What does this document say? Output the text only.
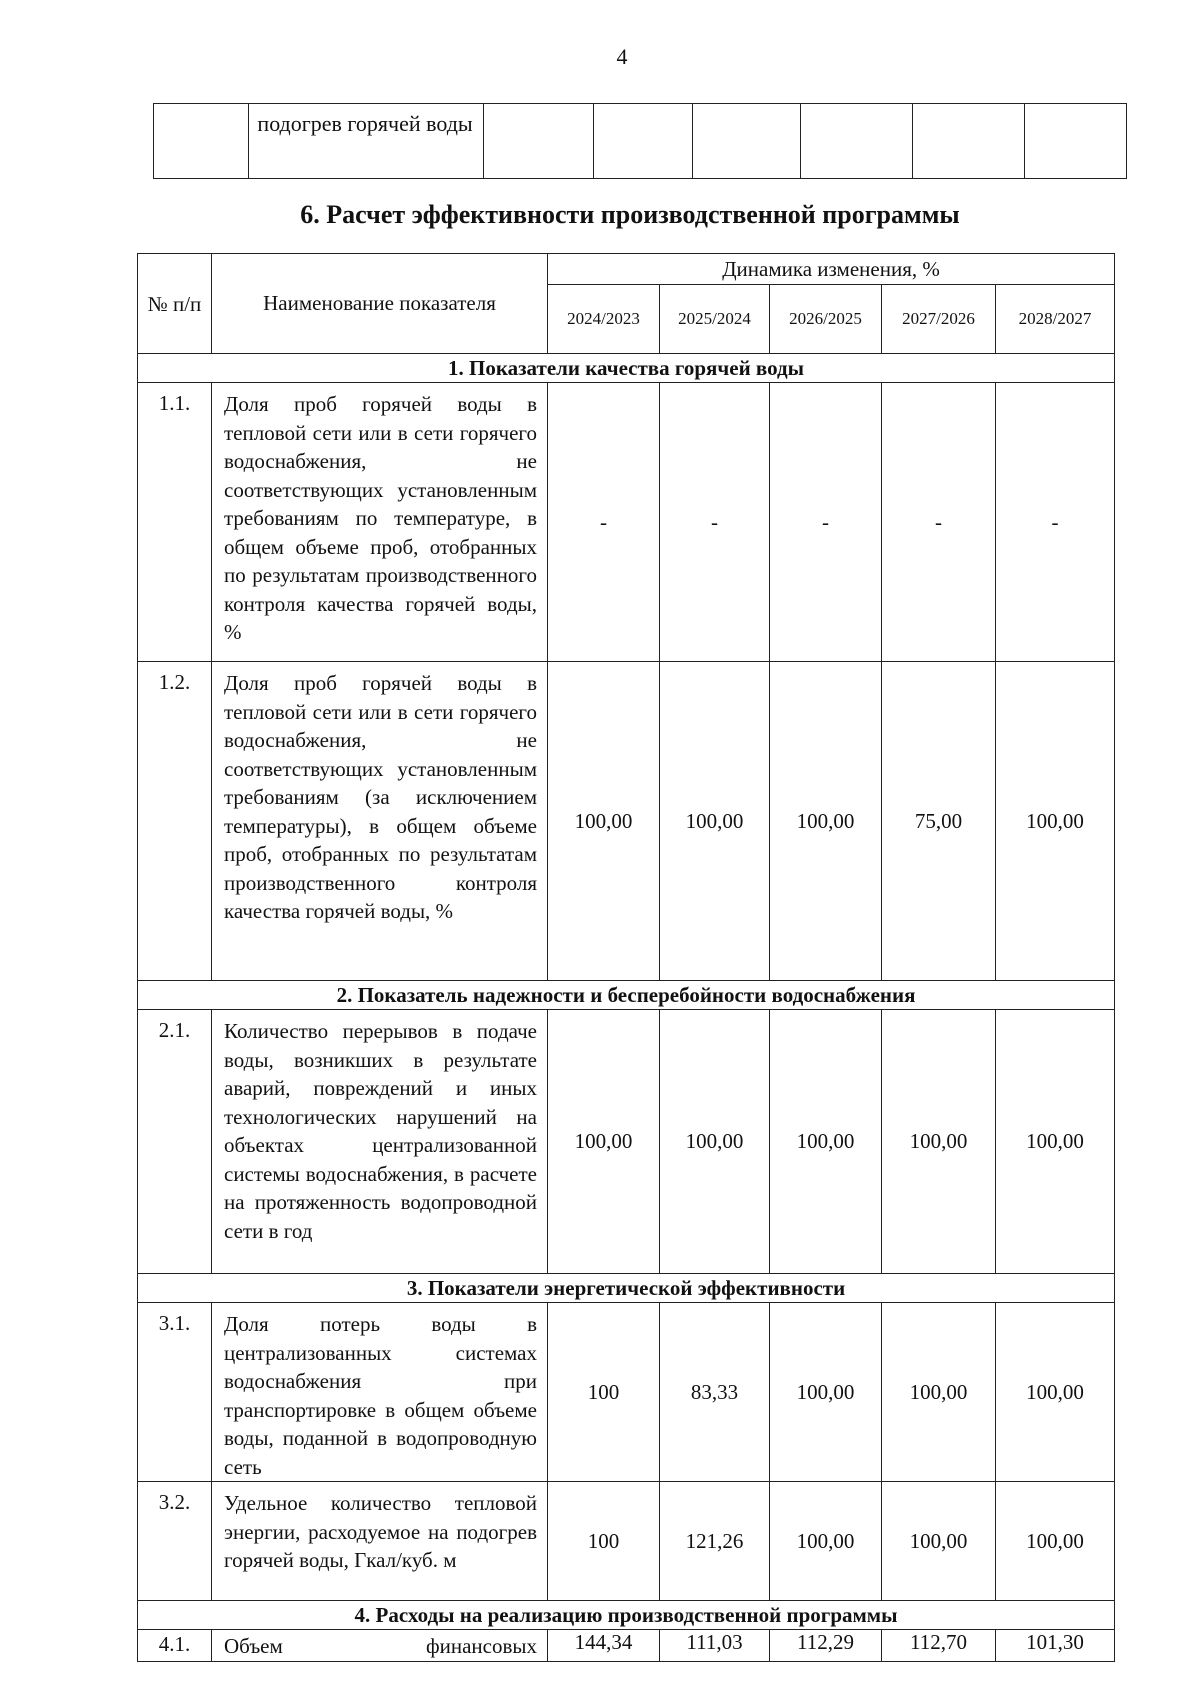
4
	подогрев горячей воды						
6. Расчет эффективности производственной программы
№ п/п	Наименование показателя	Динамика изменения, %				
		2024/2023	2025/2024	2026/2025	2027/2026	2028/2027
1. Показатели качества горячей воды						
1.1.	Доля проб горячей воды в тепловой сети или в сети горячего водоснабжения, не соответствующих установленным требованиям по температуре, в общем объеме проб, отобранных по результатам производственного контроля качества горячей воды, %	-	-	-	-	-
1.2.	Доля проб горячей воды в тепловой сети или в сети горячего водоснабжения, не соответствующих установленным требованиям (за исключением температуры), в общем объеме проб, отобранных по результатам производственного контроля качества горячей воды, %	100,00	100,00	100,00	75,00	100,00
2. Показатель надежности и бесперебойности водоснабжения						
2.1.	Количество перерывов в подаче воды, возникших в результате аварий, повреждений и иных технологических нарушений на объектах централизованной системы водоснабжения, в расчете на протяженность водопроводной сети в год	100,00	100,00	100,00	100,00	100,00
3. Показатели энергетической эффективности						
3.1.	Доля потерь воды в централизованных системах водоснабжения при транспортировке в общем объеме воды, поданной в водопроводную сеть	100	83,33	100,00	100,00	100,00
3.2.	Удельное количество тепловой энергии, расходуемое на подогрев горячей воды, Гкал/куб. м	100	121,26	100,00	100,00	100,00
4. Расходы на реализацию производственной программы						
4.1.	Объем финансовых	144,34	111,03	112,29	112,70	101,30
